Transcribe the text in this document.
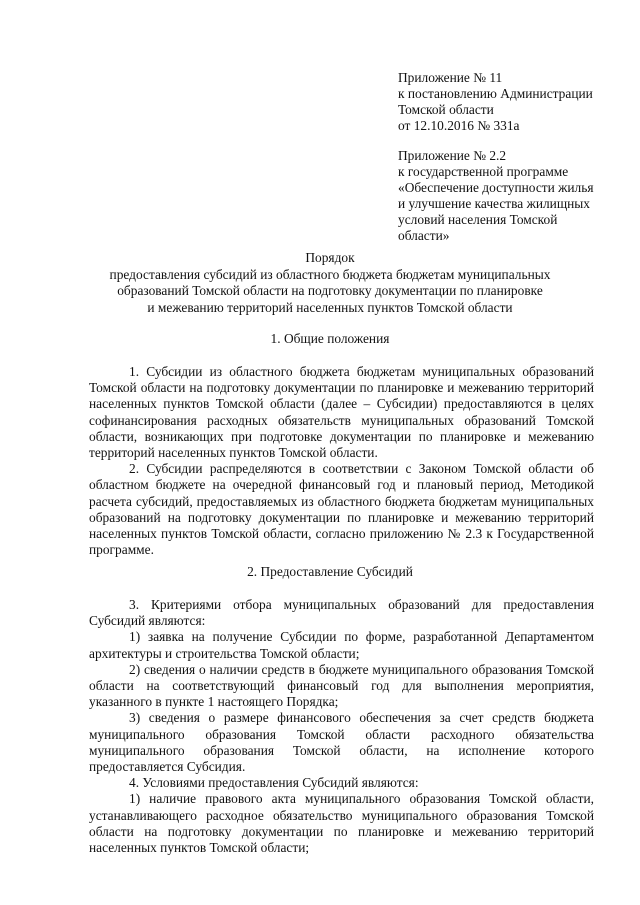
Приложение № 11

к постановлению Администрации

Томской области

от 12.10.2016 № 331а

Приложение № 2.2

к государственной программе

«Обеспечение доступности жилья

и улучшение качества жилищных

условий населения Томской

области»

Порядок

предоставления субсидий из областного бюджета бюджетам муниципальных

образований Томской области на подготовку документации по планировке

и межеванию территорий населенных пунктов Томской области

1. Общие положения

1. Субсидии из областного бюджета бюджетам муниципальных образований Томской области на подготовку документации по планировке и межеванию территорий населенных пунктов Томской области (далее – Субсидии) предоставляются в целях софинансирования расходных обязательств муниципальных образований Томской области, возникающих при подготовке документации по планировке и межеванию территорий населенных пунктов Томской области.

2. Субсидии распределяются в соответствии с Законом Томской области об областном бюджете на очередной финансовый год и плановый период, Методикой расчета субсидий, предоставляемых из областного бюджета бюджетам муниципальных образований на подготовку документации по планировке и межеванию территорий населенных пунктов Томской области, согласно приложению № 2.3 к Государственной программе.

2. Предоставление Субсидий

3. Критериями отбора муниципальных образований для предоставления Субсидий являются:

1) заявка на получение Субсидии по форме, разработанной Департаментом архитектуры и строительства Томской области;

2) сведения о наличии средств в бюджете муниципального образования Томской области на соответствующий финансовый год для выполнения мероприятия, указанного в пункте 1 настоящего Порядка;

3) сведения о размере финансового обеспечения за счет средств бюджета муниципального образования Томской области расходного обязательства муниципального образования Томской области, на исполнение которого предоставляется Субсидия.

4. Условиями предоставления Субсидий являются:

1) наличие правового акта муниципального образования Томской области, устанавливающего расходное обязательство муниципального образования Томской области на подготовку документации по планировке и межеванию территорий населенных пунктов Томской области;
